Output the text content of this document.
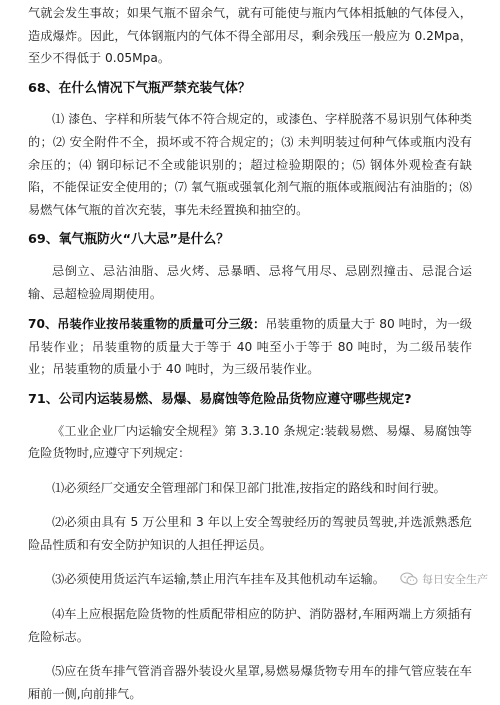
气就会发生事故；如果气瓶不留余气，就有可能使与瓶内气体相抵触的气体侵入，造成爆炸。因此，气体钢瓶内的气体不得全部用尽，剩余残压一般应为 0.2Mpa，至少不得低于 0.05Mpa。

68、在什么情况下气瓶严禁充装气体？

⑴ 漆色、字样和所装气体不符合规定的，或漆色、字样脱落不易识别气体种类的；⑵ 安全附件不全，损坏或不符合规定的；⑶ 未判明装过何种气体或瓶内没有余压的；⑷ 钢印标记不全或能识别的；超过检验期限的；⑸ 钢体外观检查有缺陷，不能保证安全使用的；⑺ 氧气瓶或强氧化剂气瓶的瓶体或瓶阀沾有油脂的；⑻ 易燃气体气瓶的首次充装，事先未经置换和抽空的。

69、氧气瓶防火“八大忌”是什么？

忌倒立、忌沾油脂、忌火烤、忌暴晒、忌将气用尽、忌剧烈撞击、忌混合运输、忌超检验周期使用。

70、吊装作业按吊装重物的质量可分三级：吊装重物的质量大于 80 吨时，为一级吊装作业；吊装重物的质量大于等于 40 吨至小于等于 80 吨时，为二级吊装作业；吊装重物的质量小于 40 吨时，为三级吊装作业。

71、公司内运装易燃、易爆、易腐蚀等危险品货物应遵守哪些规定?

《工业企业厂内运输安全规程》第 3.3.10 条规定:装载易燃、易爆、易腐蚀等危险货物时,应遵守下列规定：

⑴必须经厂交通安全管理部门和保卫部门批准,按指定的路线和时间行驶。

⑵必须由具有 5 万公里和 3 年以上安全驾驶经历的驾驶员驾驶,并选派熟悉危险品性质和有安全防护知识的人担任押运员。

⑶必须使用货运汽车运输,禁止用汽车挂车及其他机动车运输。

⑷车上应根据危险货物的性质配带相应的防护、消防器材,车厢两端上方须插有危险标志。

⑸应在货车排气管消音器外装设火星罩,易燃易爆货物专用车的排气管应装在车厢前一侧,向前排气。

每日安全生产
